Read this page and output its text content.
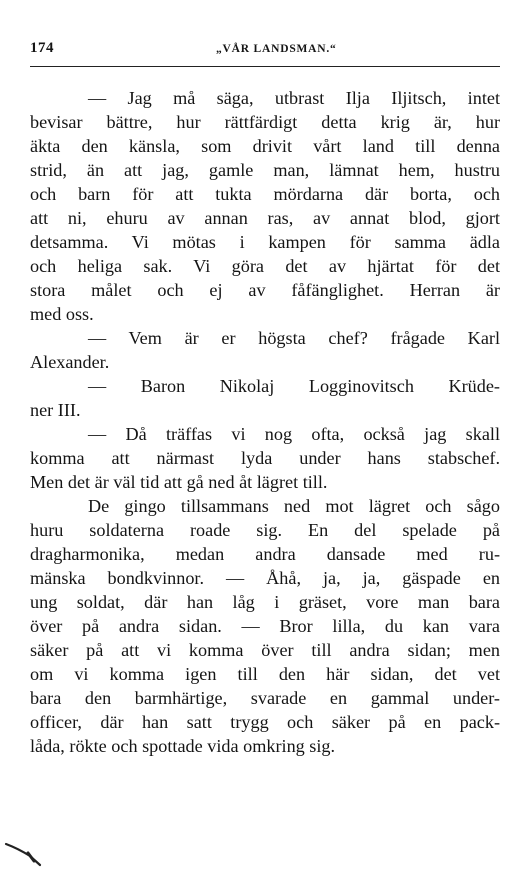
174	„VÅR LANDSMAN.“
— Jag må säga, utbrast Ilja Iljitsch, intet
bevisar bättre, hur rättfärdigt detta krig är, hur
äkta den känsla, som drivit vårt land till denna
strid, än att jag, gamle man, lämnat hem, hustru
och barn för att tukta mördarna där borta, och
att ni, ehuru av annan ras, av annat blod, gjort
detsamma. Vi mötas i kampen för samma ädla
och heliga sak. Vi göra det av hjärtat för det
stora målet och ej av fåfänglighet. Herran är
med oss.
— Vem är er högsta chef? frågade Karl
Alexander.
— Baron Nikolaj Logginovitsch Krüde-
ner III.
— Då träffas vi nog ofta, också jag skall
komma att närmast lyda under hans stabschef.
Men det är väl tid att gå ned åt lägret till.
De gingo tillsammans ned mot lägret och sågo
huru soldaterna roade sig. En del spelade på
dragharmonika, medan andra dansade med ru-
mänska bondkvinnor. — Åhå, ja, ja, gäspade en
ung soldat, där han låg i gräset, vore man bara
över på andra sidan. — Bror lilla, du kan vara
säker på att vi komma över till andra sidan; men
om vi komma igen till den här sidan, det vet
bara den barmhärtige, svarade en gammal under-
officer, där han satt trygg och säker på en pack-
låda, rökte och spottade vida omkring sig.
